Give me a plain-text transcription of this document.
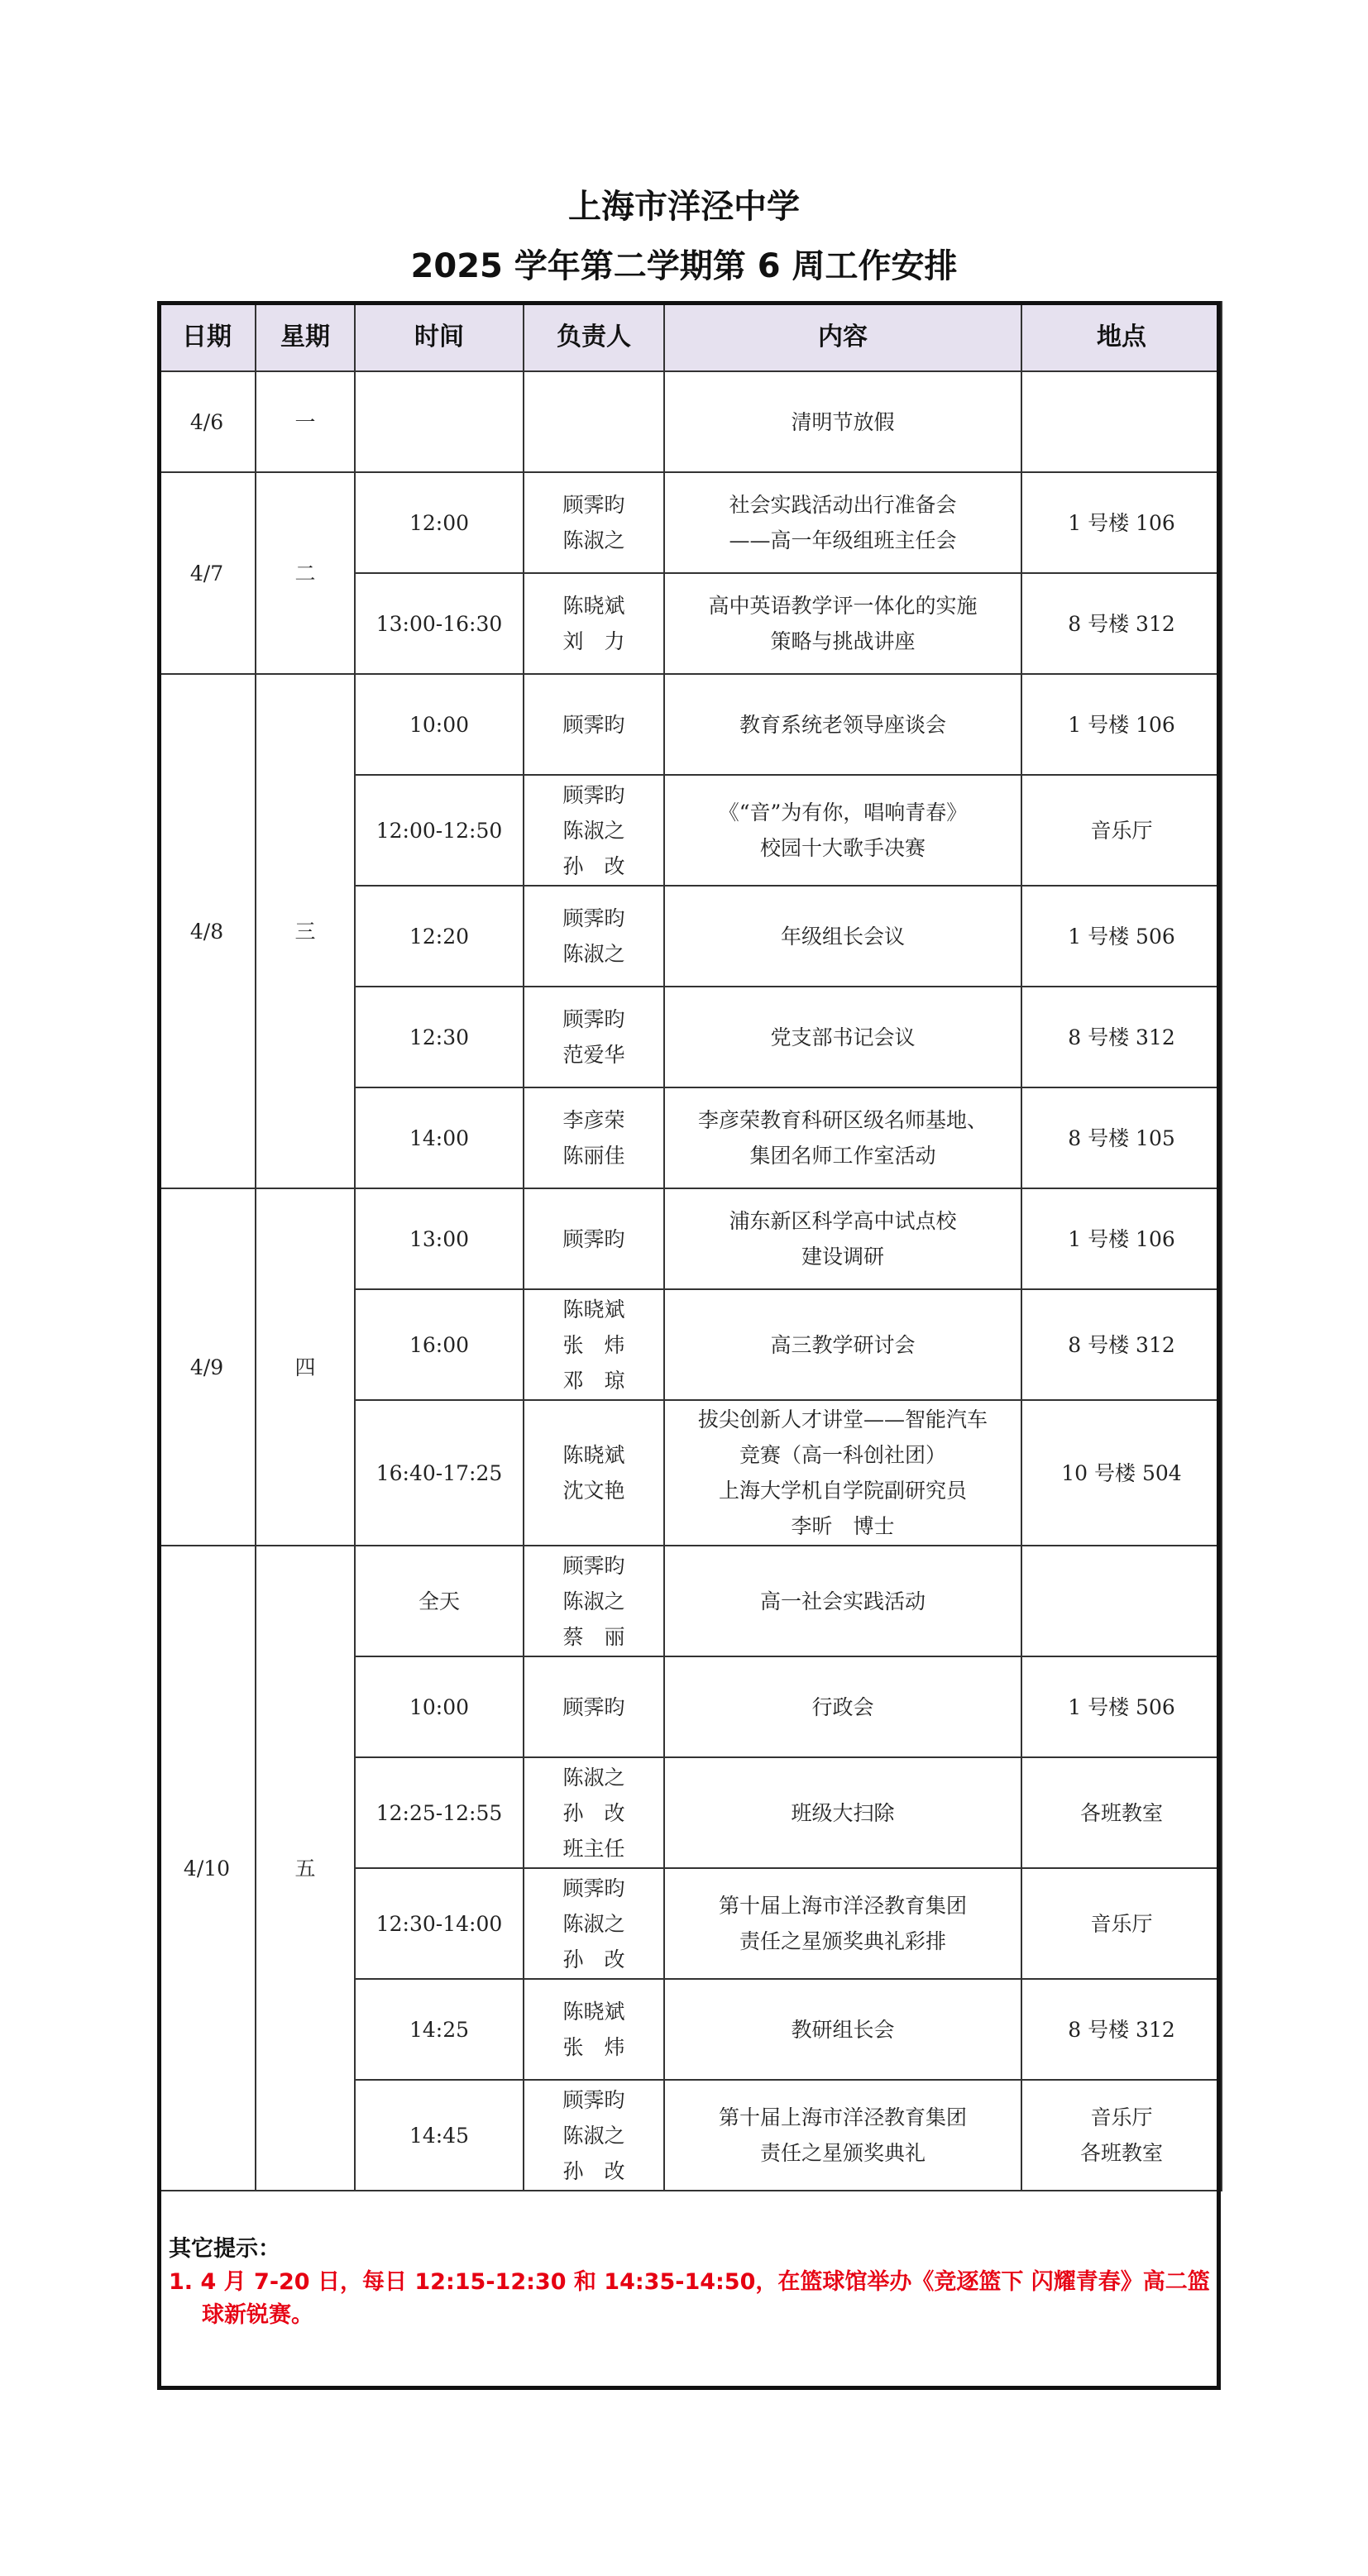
上海市洋泾中学
2025 学年第二学期第 6 周工作安排
日期	星期	时间	负责人	内容	地点
4/6	一			清明节放假	

4/7	二	12:00	顾霁昀
陈淑之	社会实践活动出行准备会
——高一年级组班主任会	1 号楼 106

		13:00-16:30	陈晓斌
刘　力	高中英语教学评一体化的实施
策略与挑战讲座	8 号楼 312

4/8	三	10:00	顾霁昀	教育系统老领导座谈会	1 号楼 106

		12:00-12:50	顾霁昀
陈淑之
孙　改	《“音”为有你，唱响青春》
校园十大歌手决赛	音乐厅

		12:20	顾霁昀
陈淑之	年级组长会议	1 号楼 506

		12:30	顾霁昀
范爱华	党支部书记会议	8 号楼 312

		14:00	李彦荣
陈丽佳	李彦荣教育科研区级名师基地、
集团名师工作室活动	8 号楼 105

4/9	四	13:00	顾霁昀	浦东新区科学高中试点校
建设调研	1 号楼 106

		16:00	陈晓斌
张　炜
邓　琼	高三教学研讨会	8 号楼 312

		16:40-17:25	陈晓斌
沈文艳	拔尖创新人才讲堂——智能汽车
竞赛（高一科创社团）
上海大学机自学院副研究员
李昕　博士	10 号楼 504

4/10	五	全天	顾霁昀
陈淑之
蔡　丽	高一社会实践活动	

		10:00	顾霁昀	行政会	1 号楼 506

		12:25-12:55	陈淑之
孙　改
班主任	班级大扫除	各班教室

		12:30-14:00	顾霁昀
陈淑之
孙　改	第十届上海市洋泾教育集团
责任之星颁奖典礼彩排	音乐厅

		14:25	陈晓斌
张　炜	教研组长会	8 号楼 312

		14:45	顾霁昀
陈淑之
孙　改	第十届上海市洋泾教育集团
责任之星颁奖典礼	音乐厅
各班教室
其它提示：
1. 4 月 7-20 日，每日 12:15-12:30 和 14:35-14:50，在篮球馆举办《竞逐篮下 闪耀青春》高二篮球新锐赛。
